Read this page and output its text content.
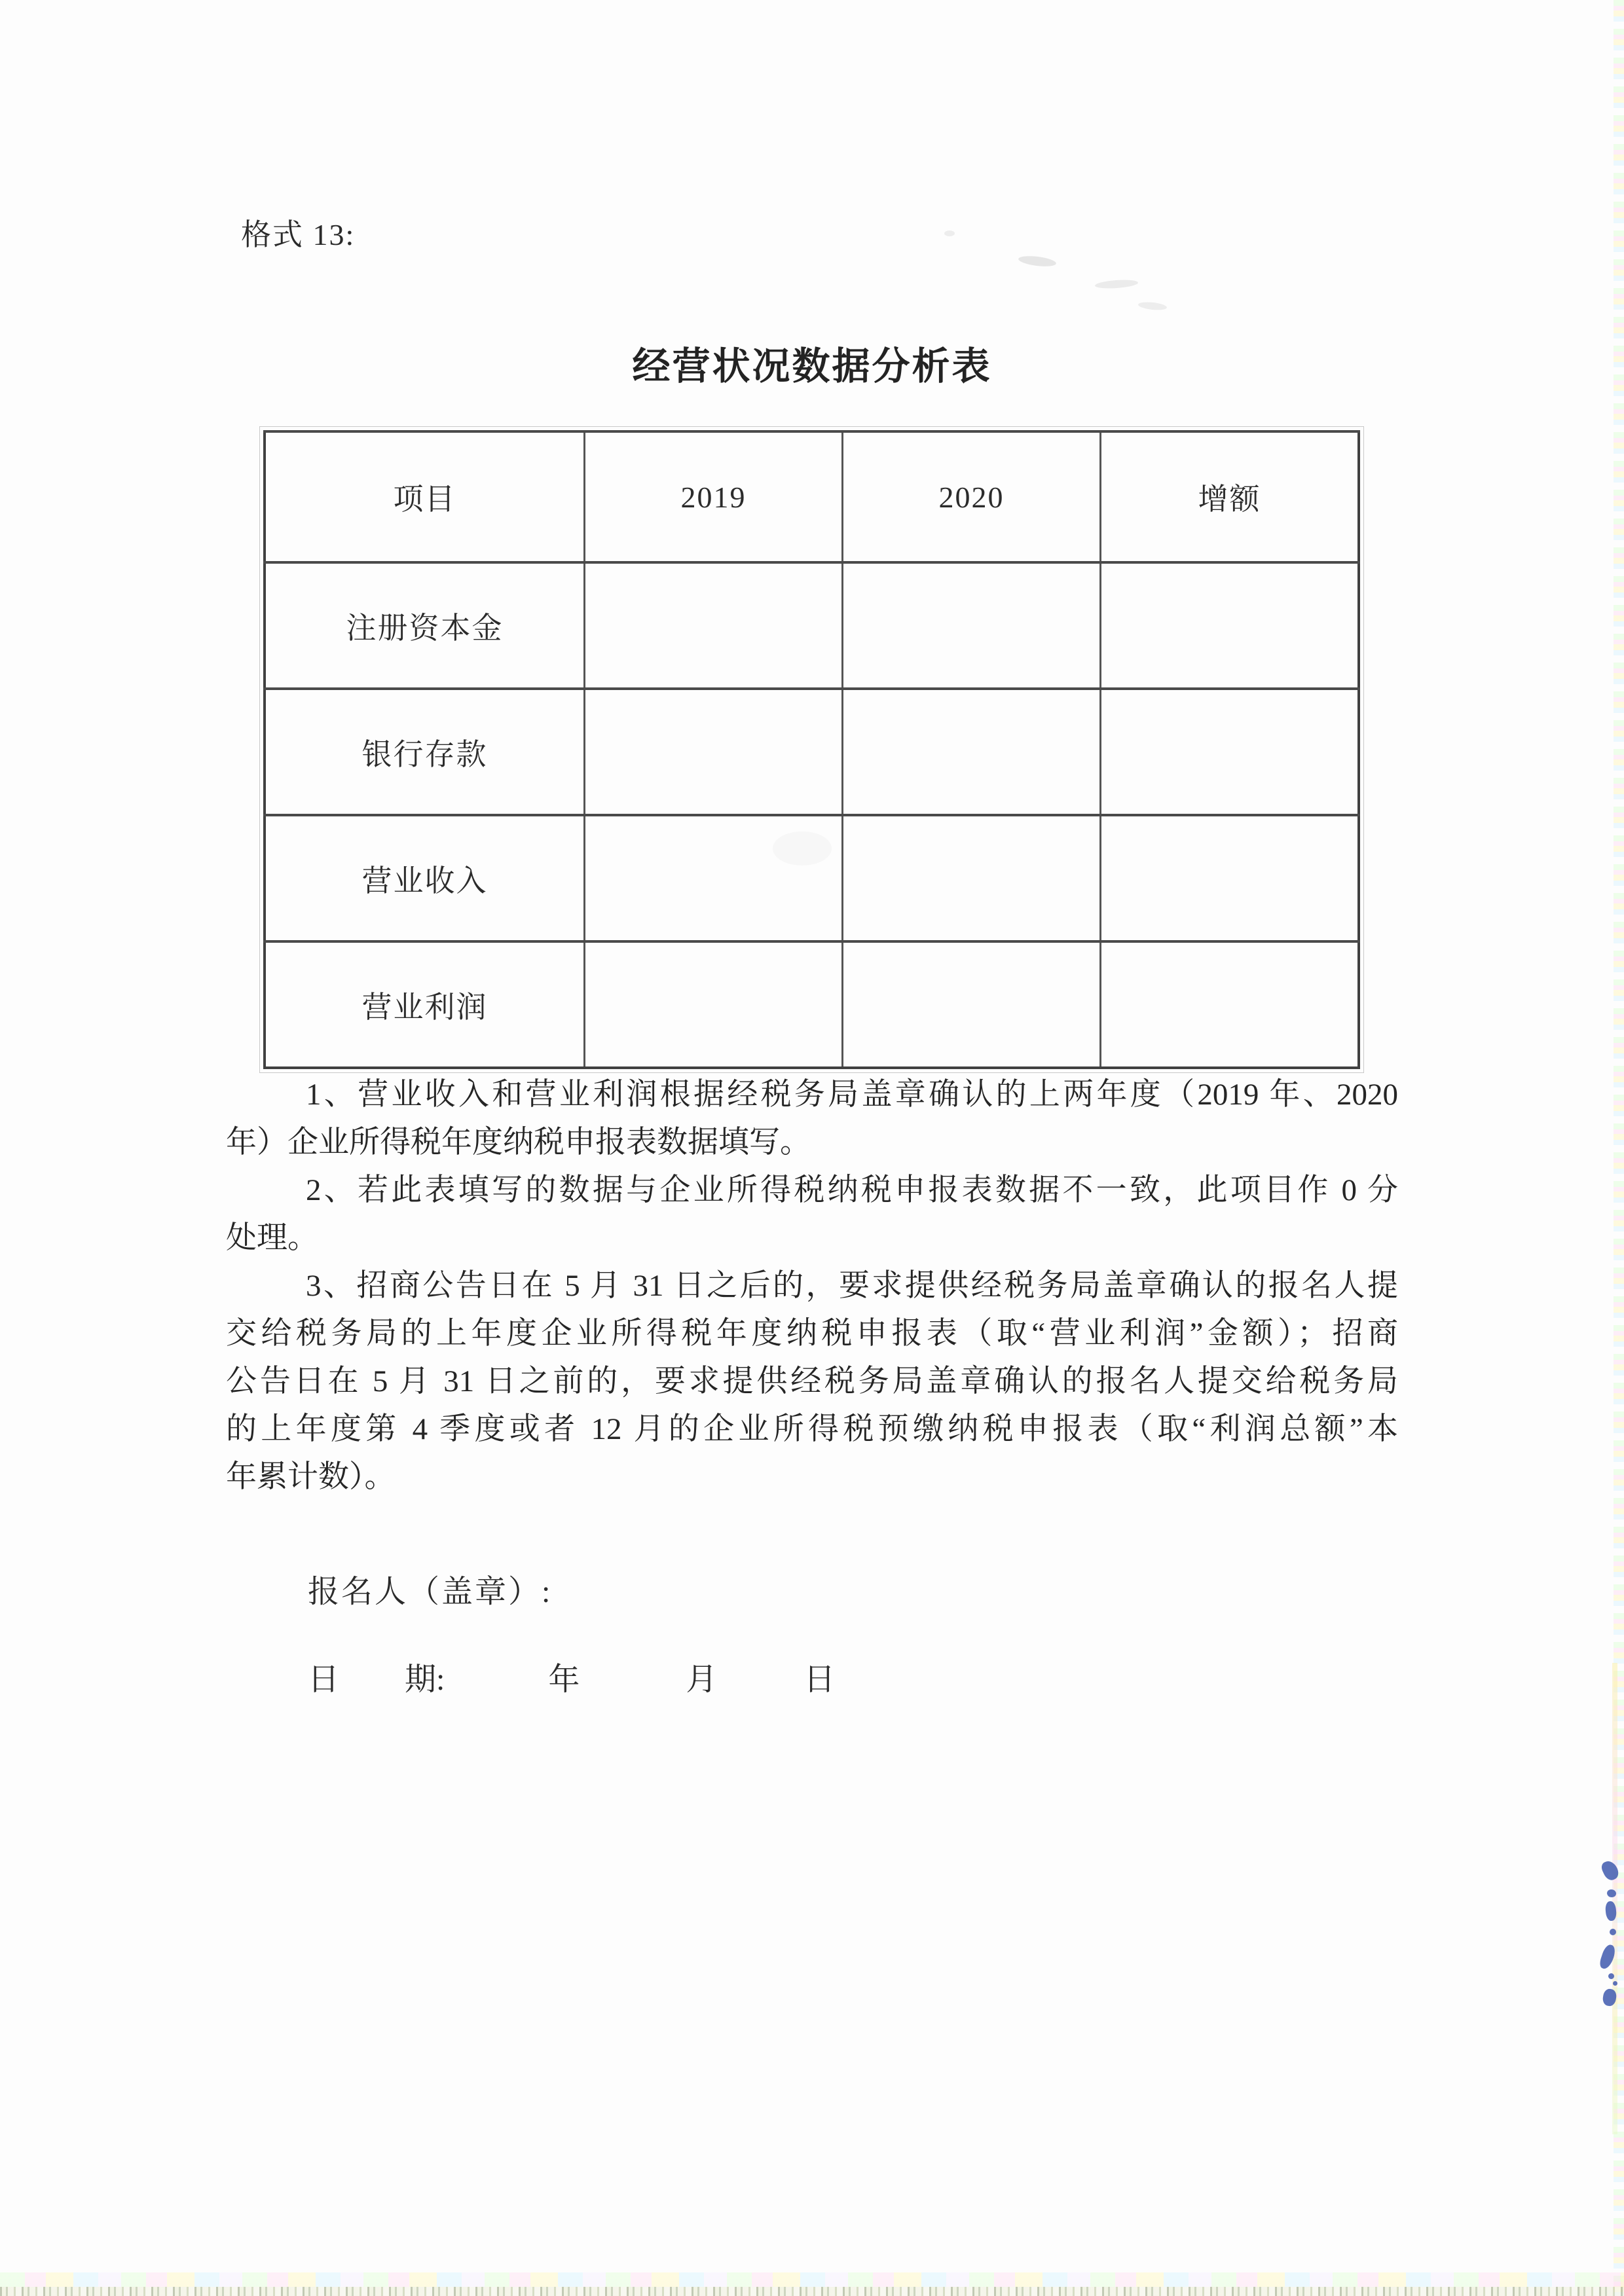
格式 13:
经营状况数据分析表
项目	2019	2020	增额
注册资本金			
银行存款			
营业收入			
营业利润			
1、营业收入和营业利润根据经税务局盖章确认的上两年度（2019 年、2020
年）企业所得税年度纳税申报表数据填写。
2、若此表填写的数据与企业所得税纳税申报表数据不一致，此项目作 0 分
处理。
3、招商公告日在 5 月 31 日之后的，要求提供经税务局盖章确认的报名人提
交给税务局的上年度企业所得税年度纳税申报表（取“营业利润”金额）；招商
公告日在 5 月 31 日之前的，要求提供经税务局盖章确认的报名人提交给税务局
的上年度第 4 季度或者 12 月的企业所得税预缴纳税申报表（取“利润总额”本
年累计数）。
报名人（盖章）:
日 期:	年	月	日
